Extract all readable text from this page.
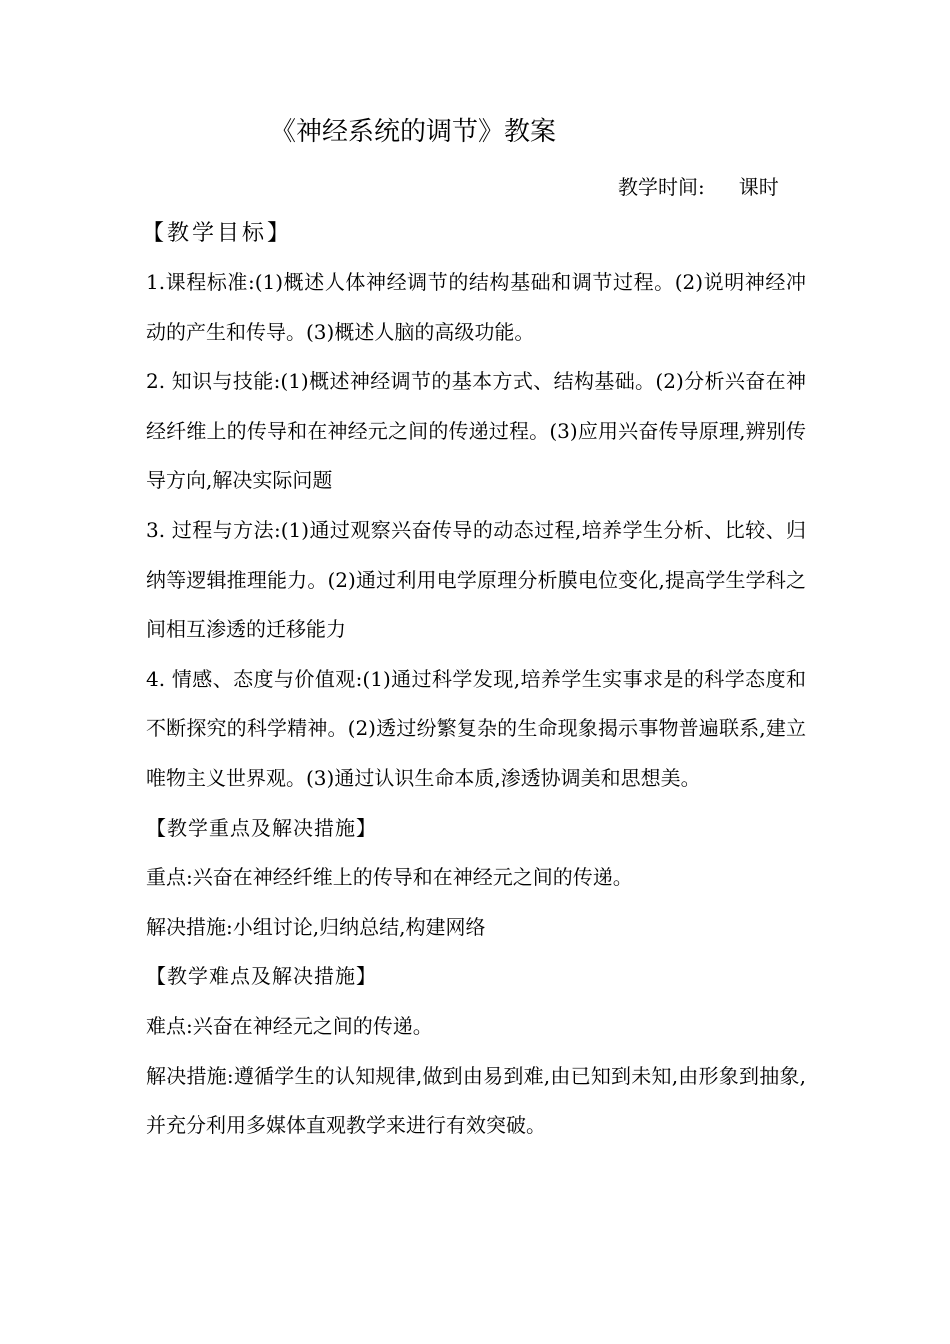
《神经系统的调节》教案
教学时间: 课时
【教学目标】

1.课程标准:(1)概述人体神经调节的结构基础和调节过程。(2)说明神经冲动的产生和传导。(3)概述人脑的高级功能。

2. 知识与技能:(1)概述神经调节的基本方式、结构基础。(2)分析兴奋在神经纤维上的传导和在神经元之间的传递过程。(3)应用兴奋传导原理,辨别传导方向,解决实际问题

3. 过程与方法:(1)通过观察兴奋传导的动态过程,培养学生分析、比较、归纳等逻辑推理能力。(2)通过利用电学原理分析膜电位变化,提高学生学科之间相互渗透的迁移能力

4. 情感、态度与价值观:(1)通过科学发现,培养学生实事求是的科学态度和不断探究的科学精神。(2)透过纷繁复杂的生命现象揭示事物普遍联系,建立唯物主义世界观。(3)通过认识生命本质,渗透协调美和思想美。

【教学重点及解决措施】

重点:兴奋在神经纤维上的传导和在神经元之间的传递。

解决措施:小组讨论,归纳总结,构建网络

【教学难点及解决措施】

难点:兴奋在神经元之间的传递。

解决措施:遵循学生的认知规律,做到由易到难,由已知到未知,由形象到抽象,并充分利用多媒体直观教学来进行有效突破。
